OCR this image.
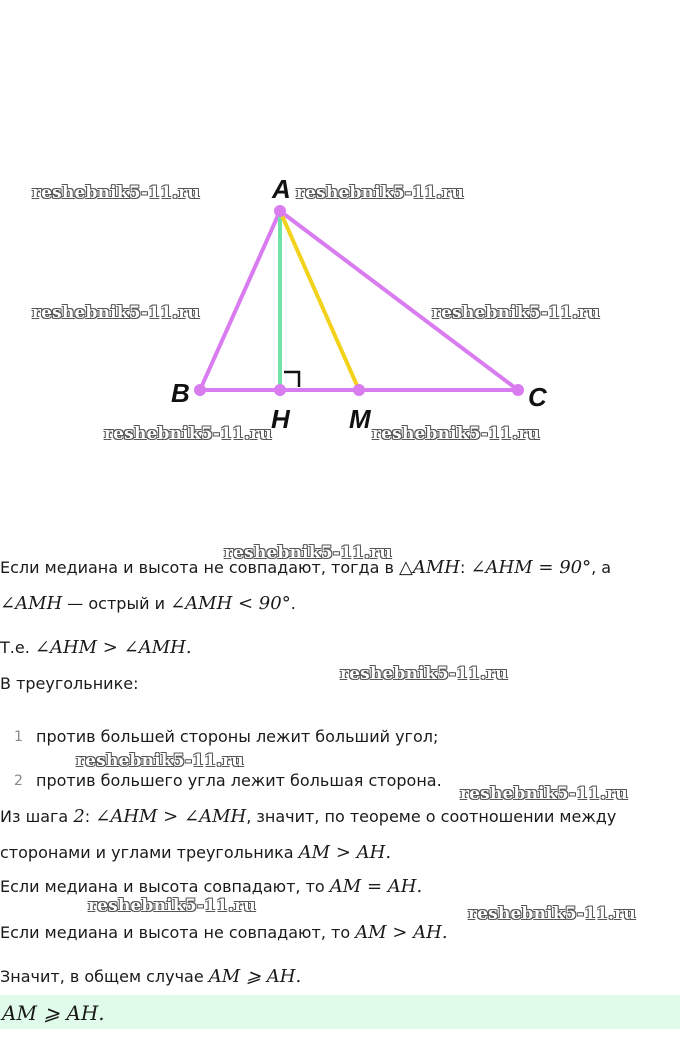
A
B	C
H M
reshebnik5-11.ru	reshebnik5-11.ru
reshebnik5-11.ru	reshebnik5-11.ru
reshebnik5-11.ru	reshebnik5-11.ru
reshebnik5-11.ru
reshebnik5-11.ru
reshebnik5-11.ru
reshebnik5-11.ru
reshebnik5-11.ru	reshebnik5-11.ru
Если медиана и высота не совпадают, тогда в △AMH: ∠AHM = 90°, а
∠AMH — острый и ∠AMH < 90°.
Т.е. ∠AHM > ∠AMH.
В треугольнике:
1 против большей стороны лежит больший угол;
2 против большего угла лежит большая сторона.
Из шага 2: ∠AHM > ∠AMH, значит, по теореме о соотношении между
сторонами и углами треугольника AM > AH.
Если медиана и высота совпадают, то AM = AH.
Если медиана и высота не совпадают, то AM > AH.
Значит, в общем случае AM ⩾ AH.
AM ⩾ AH.
